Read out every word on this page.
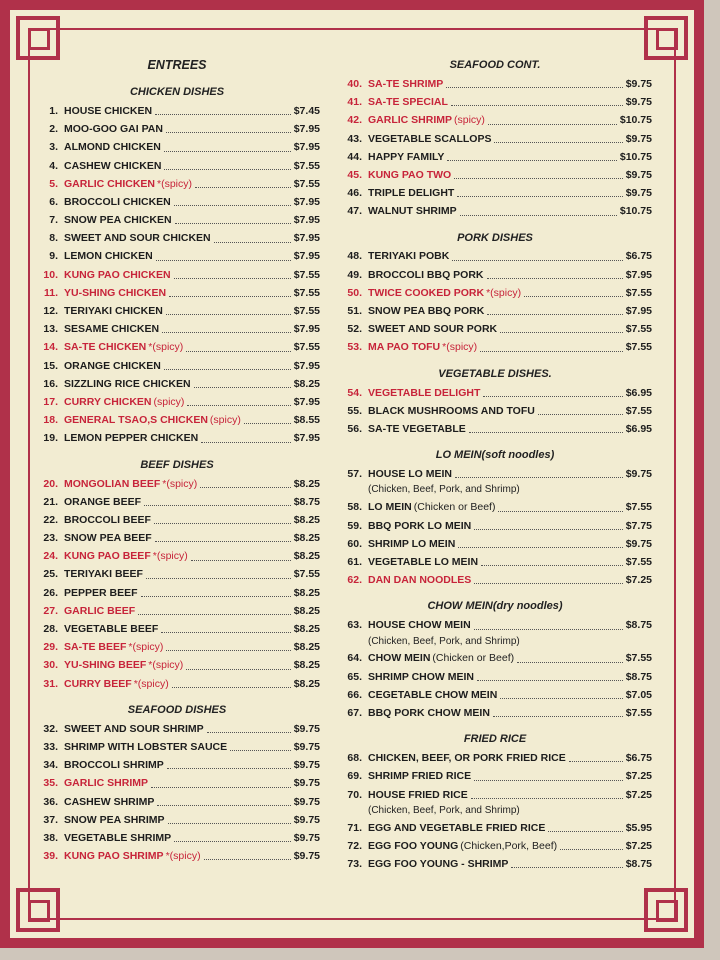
ENTREES
CHICKEN DISHES
1. HOUSE CHICKEN	$7.45
2. MOO-GOO GAI PAN	$7.95
3. ALMOND CHICKEN	$7.95
4. CASHEW CHICKEN	$7.55
5. GARLIC CHICKEN *(spicy)	$7.55
6. BROCCOLI CHICKEN	$7.95
7. SNOW PEA CHICKEN	$7.95
8. SWEET AND SOUR CHICKEN	$7.95
9. LEMON CHICKEN	$7.95
10. KUNG PAO CHICKEN	$7.55
11. YU-SHING CHICKEN	$7.55
12. TERIYAKI CHICKEN	$7.55
13. SESAME CHICKEN	$7.95
14. SA-TE CHICKEN *(spicy)	$7.55
15. ORANGE CHICKEN	$7.95
16. SIZZLING RICE CHICKEN	$8.25
17. CURRY CHICKEN (spicy)	$7.95
18. GENERAL TSAO,S CHICKEN (spicy)	$8.55
19. LEMON PEPPER CHICKEN	$7.95
BEEF DISHES
20. MONGOLIAN BEEF *(spicy)	$8.25
21. ORANGE BEEF	$8.75
22. BROCCOLI BEEF	$8.25
23. SNOW PEA BEEF	$8.25
24. KUNG PAO BEEF *(spicy)	$8.25
25. TERIYAKI BEEF	$7.55
26. PEPPER BEEF	$8.25
27. GARLIC BEEF	$8.25
28. VEGETABLE BEEF	$8.25
29. SA-TE BEEF *(spicy)	$8.25
30. YU-SHING BEEF *(spicy)	$8.25
31. CURRY BEEF *(spicy)	$8.25
SEAFOOD DISHES
32. SWEET AND SOUR SHRIMP	$9.75
33. SHRIMP WITH LOBSTER SAUCE	$9.75
34. BROCCOLI SHRIMP	$9.75
35. GARLIC SHRIMP	$9.75
36. CASHEW SHRIMP	$9.75
37. SNOW PEA SHRIMP	$9.75
38. VEGETABLE SHRIMP	$9.75
39. KUNG PAO SHRIMP *(spicy)	$9.75
SEAFOOD CONT.
40. SA-TE SHRIMP	$9.75
41. SA-TE SPECIAL	$9.75
42. GARLIC SHRIMP (spicy)	$10.75
43. VEGETABLE SCALLOPS	$9.75
44. HAPPY FAMILY	$10.75
45. KUNG PAO TWO	$9.75
46. TRIPLE DELIGHT	$9.75
47. WALNUT SHRIMP	$10.75
PORK DISHES
48. TERIYAKI POBK	$6.75
49. BROCCOLI BBQ PORK	$7.95
50. TWICE COOKED PORK *(spicy)	$7.55
51. SNOW PEA BBQ PORK	$7.95
52. SWEET AND SOUR PORK	$7.55
53. MA PAO TOFU *(spicy)	$7.55
VEGETABLE DISHES.
54. VEGETABLE DELIGHT	$6.95
55. BLACK MUSHROOMS AND TOFU	$7.55
56. SA-TE VEGETABLE	$6.95
LO MEIN(soft noodles)
57. HOUSE LO MEIN	$9.75
(Chicken, Beef, Pork, and Shrimp)
58. LO MEIN (Chicken or Beef)	$7.55
59. BBQ PORK LO MEIN	$7.75
60. SHRIMP LO MEIN	$9.75
61. VEGETABLE LO MEIN	$7.55
62. DAN DAN NOODLES	$7.25
CHOW MEIN(dry noodles)
63. HOUSE CHOW MEIN	$8.75
(Chicken, Beef, Pork, and Shrimp)
64. CHOW MEIN (Chicken or Beef)	$7.55
65. SHRIMP CHOW MEIN	$8.75
66. CEGETABLE CHOW MEIN	$7.05
67. BBQ PORK CHOW MEIN	$7.55
FRIED RICE
68. CHICKEN, BEEF, OR PORK FRIED RICE	$6.75
69. SHRIMP FRIED RICE	$7.25
70. HOUSE FRIED RICE	$7.25
(Chicken, Beef, Pork, and Shrimp)
71. EGG AND VEGETABLE FRIED RICE	$5.95
72. EGG FOO YOUNG (Chicken,Pork, Beef)	$7.25
73. EGG FOO YOUNG - SHRIMP	$8.75
